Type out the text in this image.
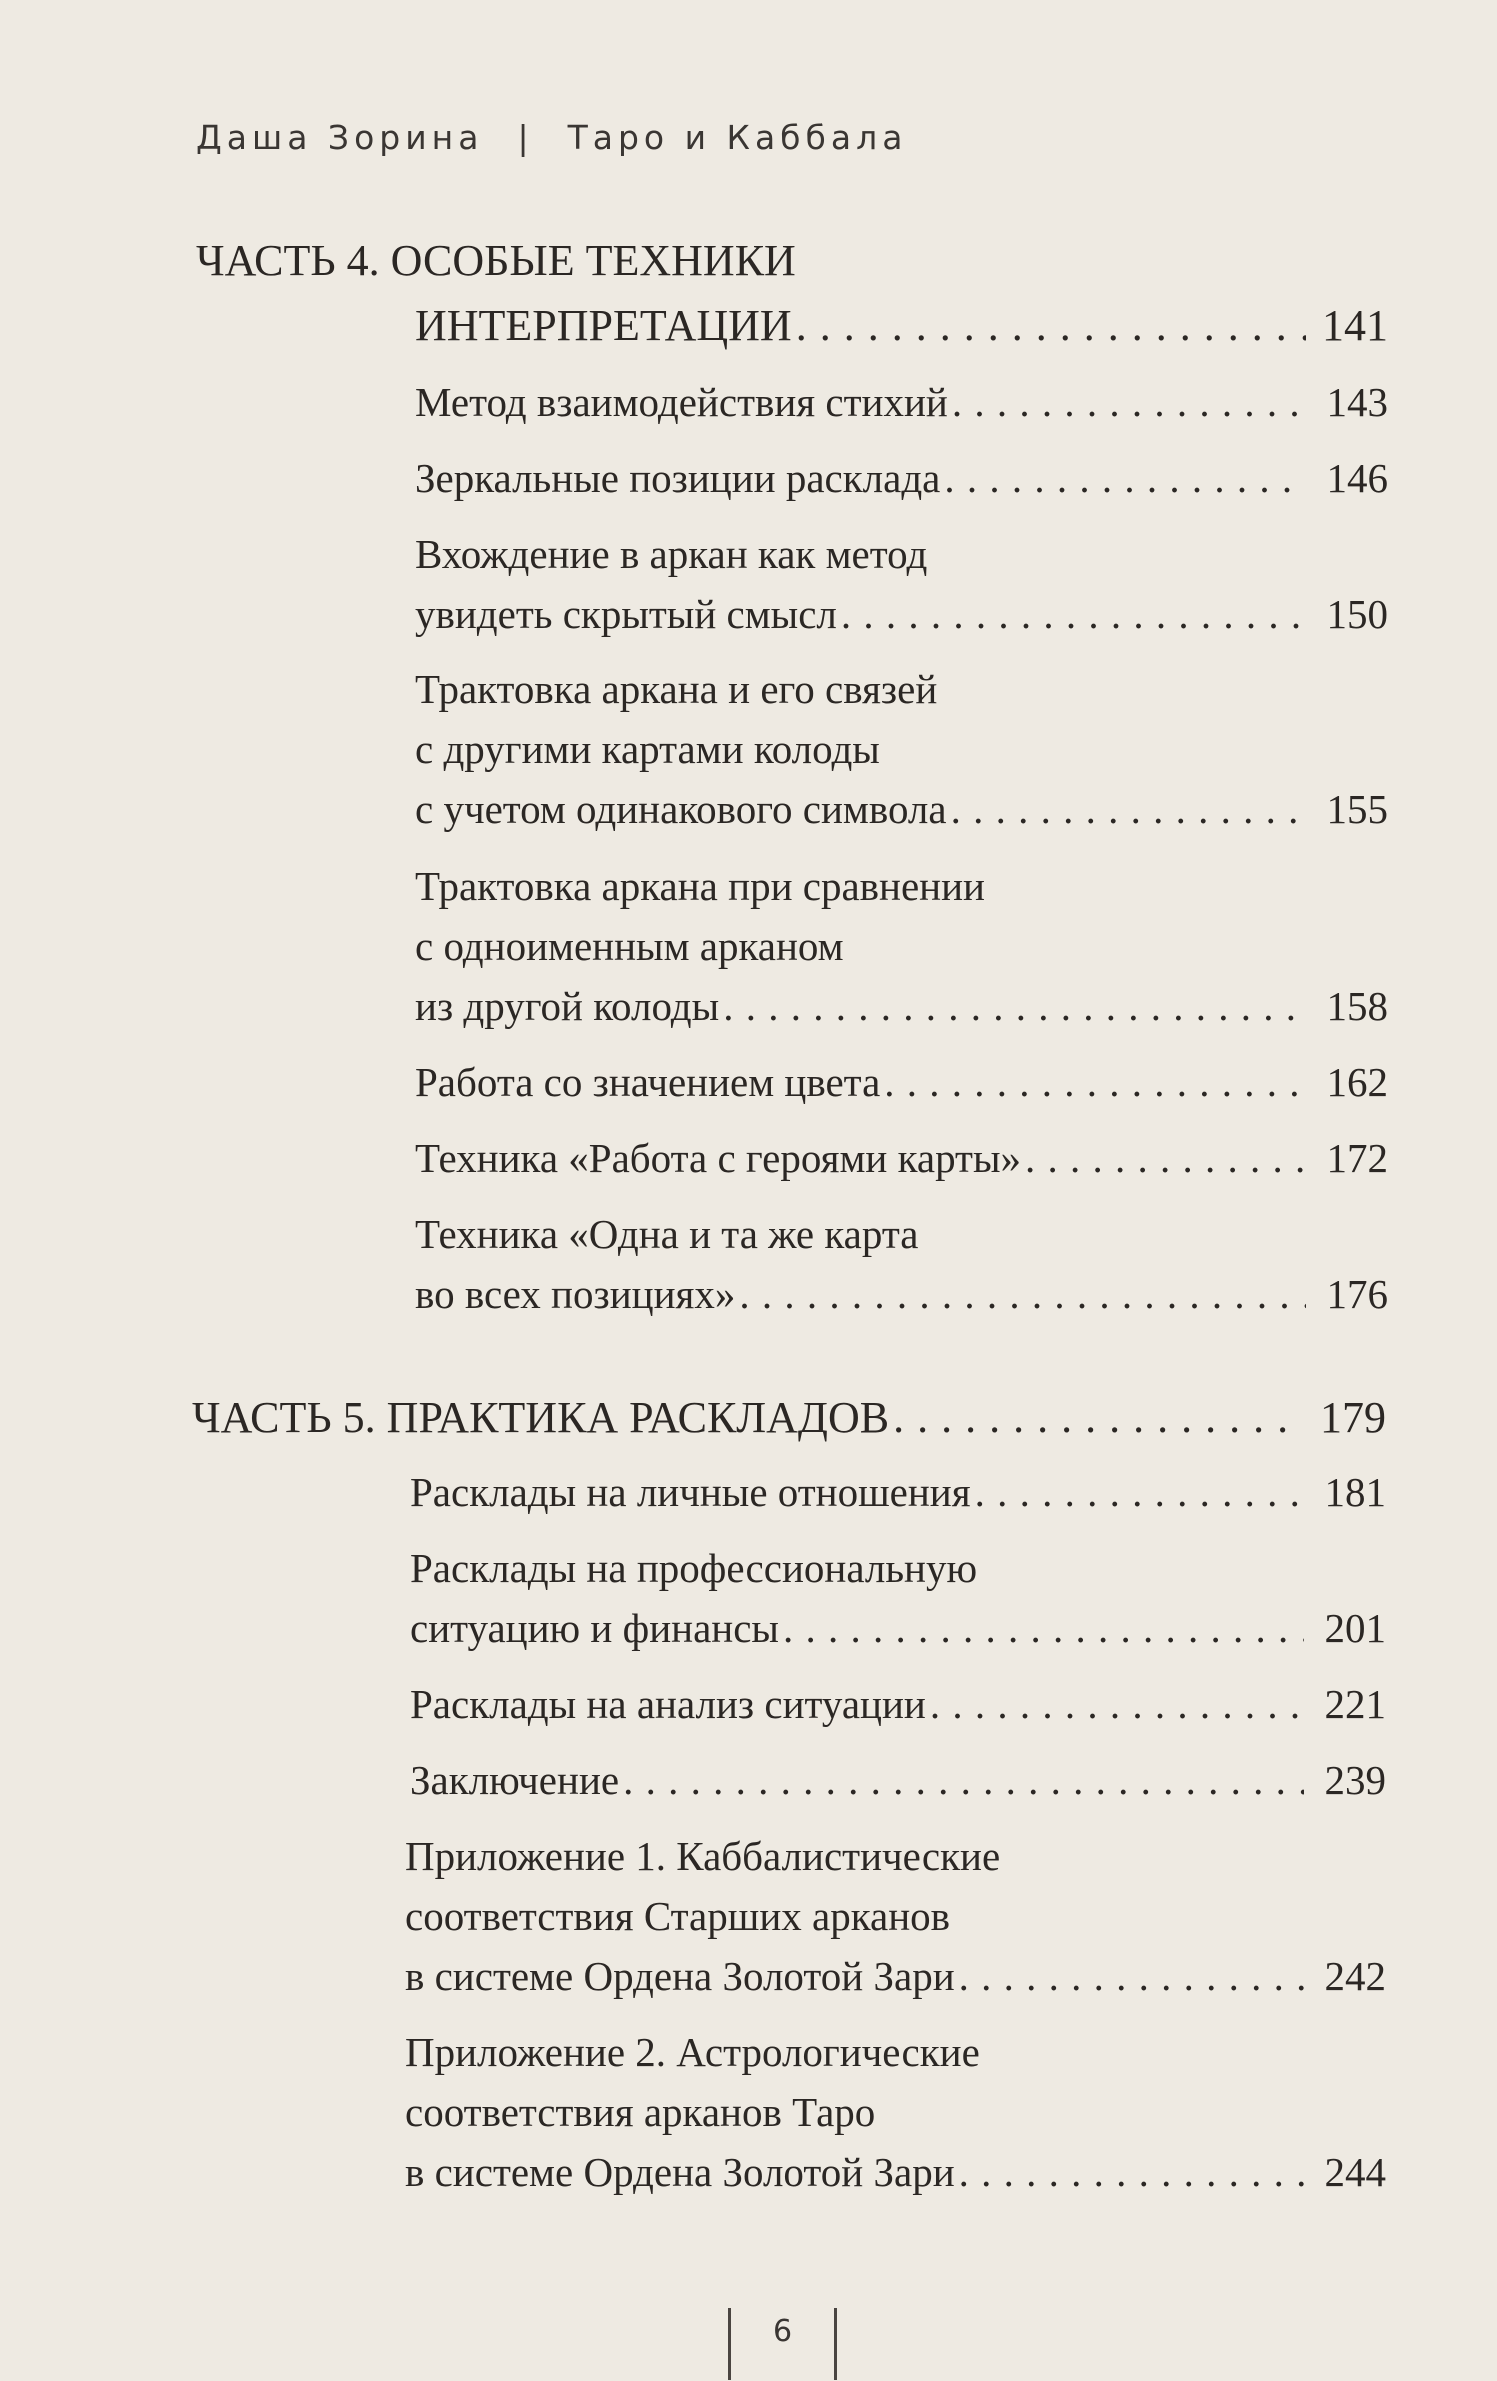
Даша Зорина | Таро и Каббала
ЧАСТЬ 4. ОСОБЫЕ ТЕХНИКИ
ИНТЕРПРЕТАЦИИ . . .	141
Метод взаимодействия стихий . . .	143
Зеркальные позиции расклада . . .	146
Вхождение в аркан как метод
увидеть скрытый смысл . . .	150
Трактовка аркана и его связей
с другими картами колоды
с учетом одинакового символа . . .	155
Трактовка аркана при сравнении
с одноименным арканом
из другой колоды . . .	158
Работа со значением цвета . . .	162
Техника «Работа с героями карты» . . .	172
Техника «Одна и та же карта
во всех позициях» . . .	176
ЧАСТЬ 5. ПРАКТИКА РАСКЛАДОВ . . .	179
Расклады на личные отношения . . .	181
Расклады на профессиональную
ситуацию и финансы . . .	201
Расклады на анализ ситуации . . .	221
Заключение . . .	239
Приложение 1. Каббалистические
соответствия Старших арканов
в системе Ордена Золотой Зари . . .	242
Приложение 2. Астрологические
соответствия арканов Таро
в системе Ордена Золотой Зари . . .	244
6
